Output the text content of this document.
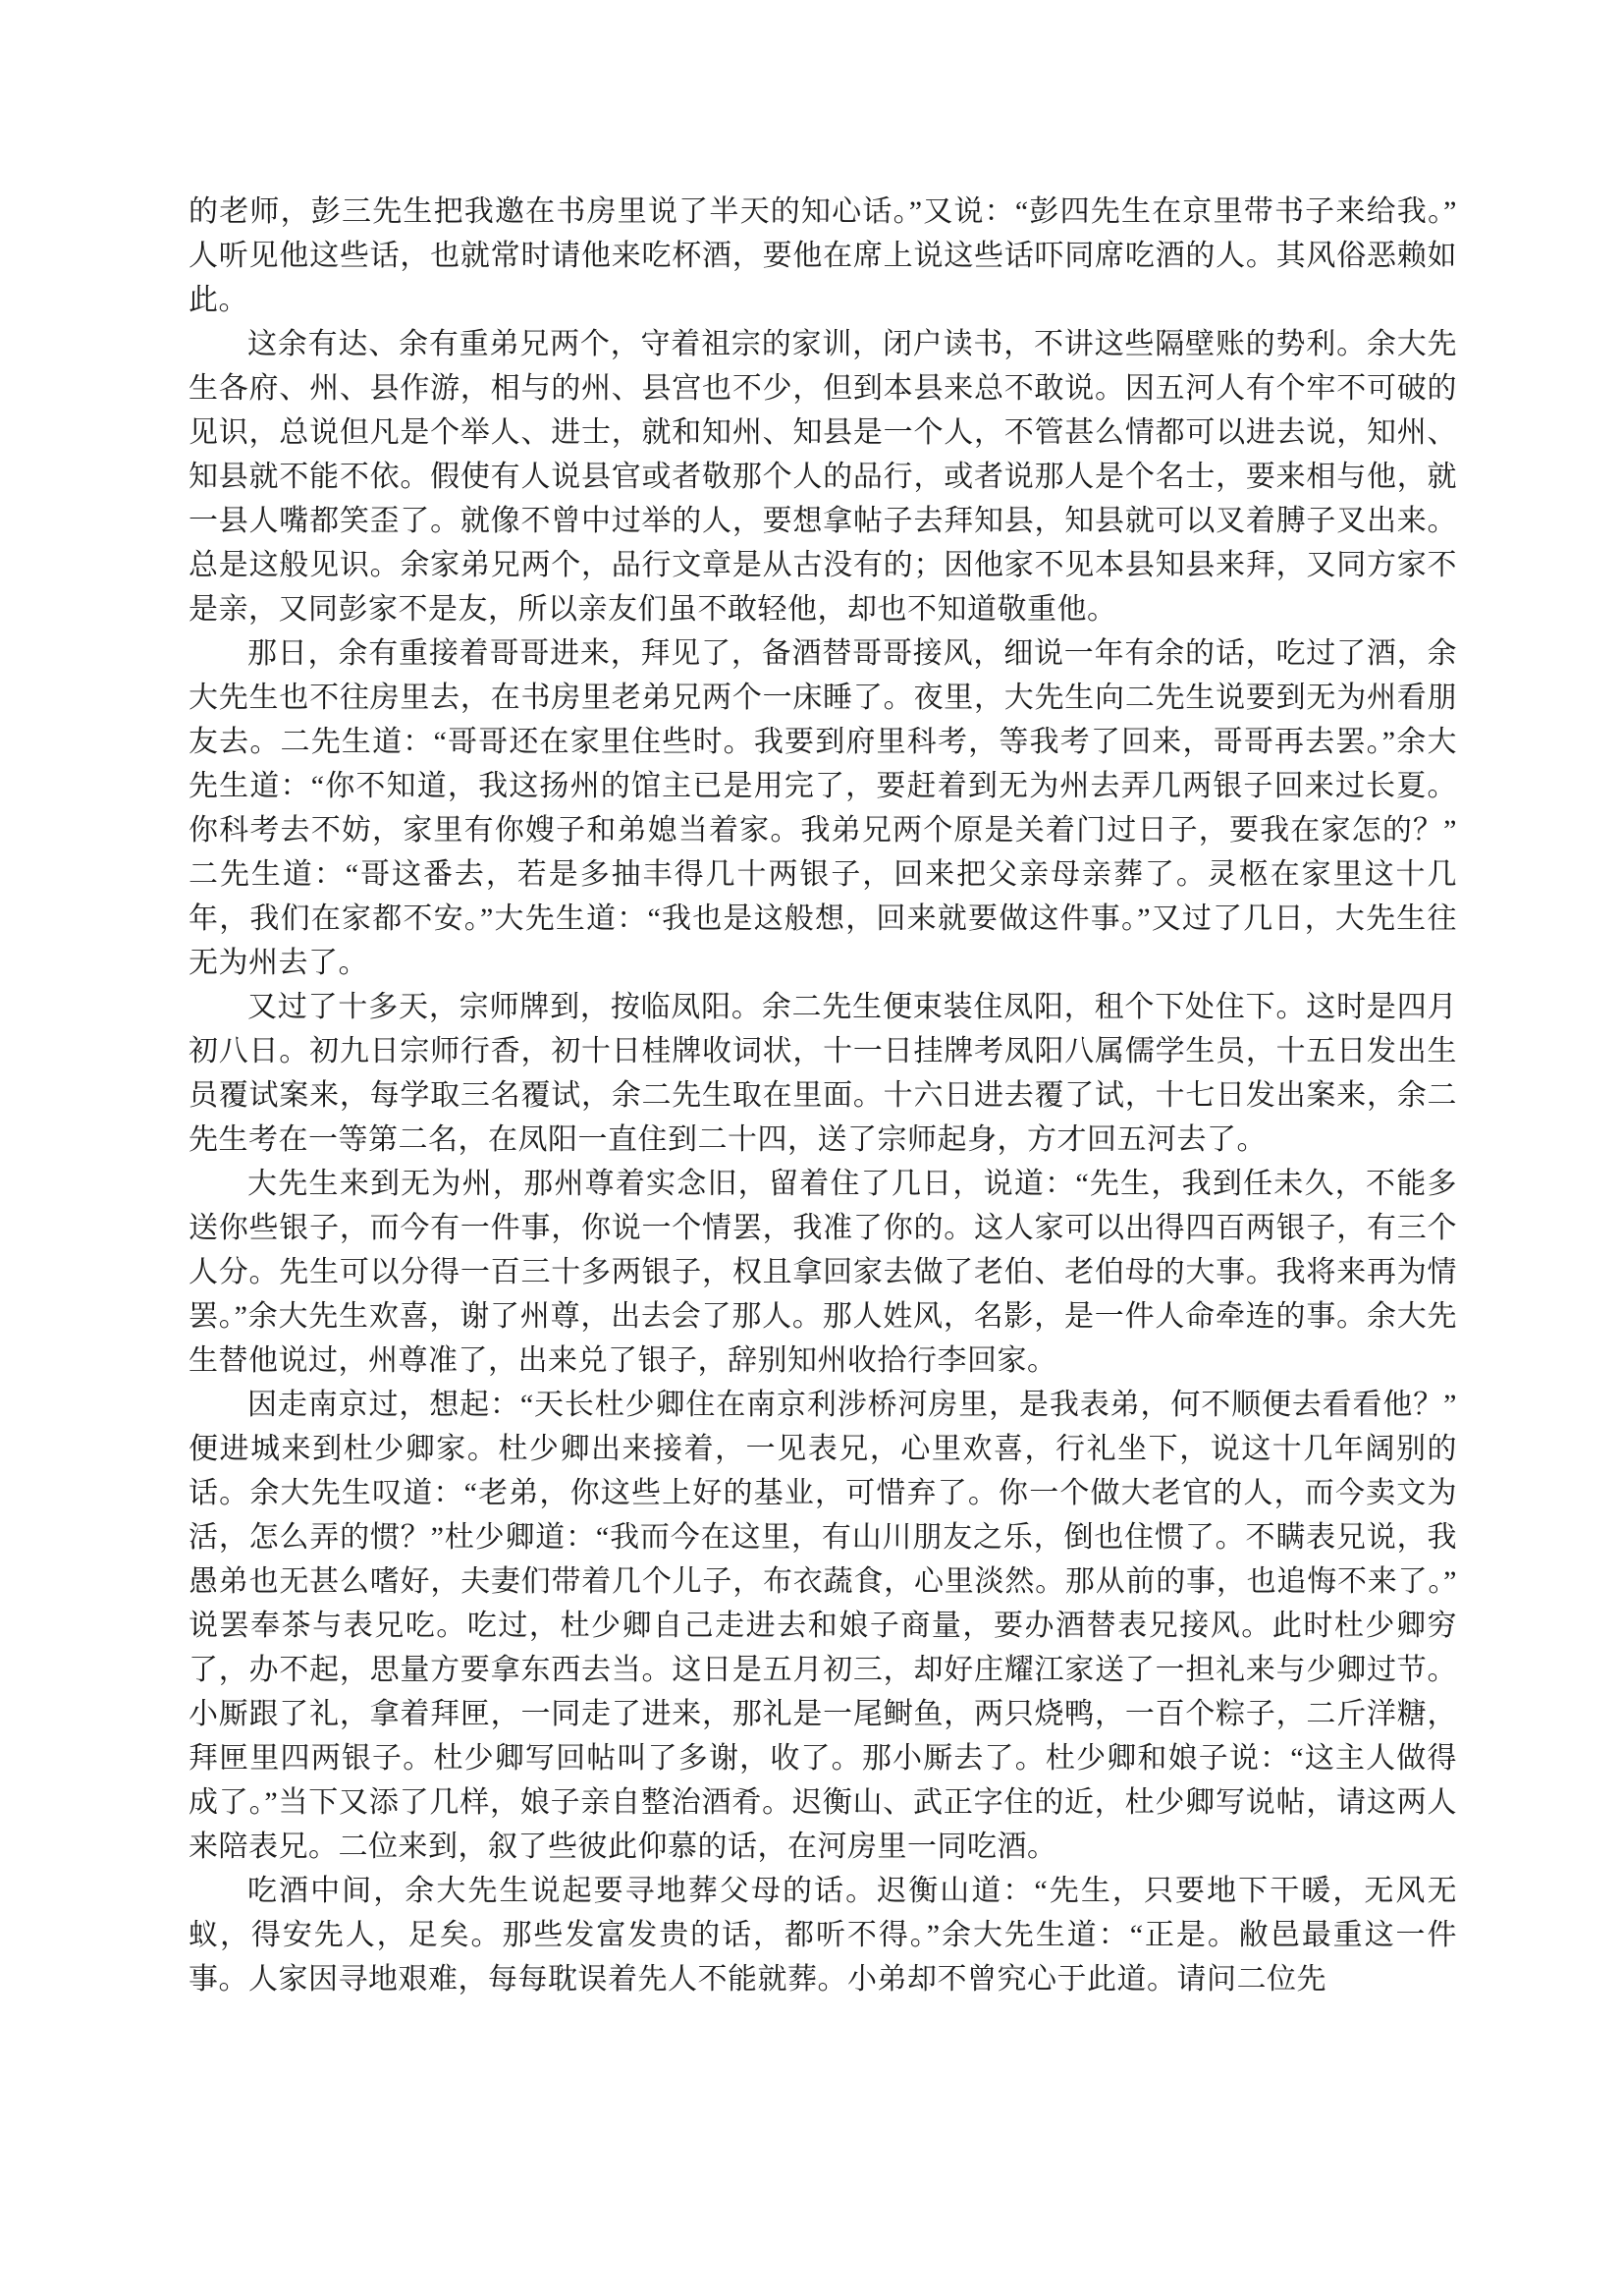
的老师，彭三先生把我邀在书房里说了半天的知心话。”又说：“彭四先生在京里带书子来给我。”人听见他这些话，也就常时请他来吃杯酒，要他在席上说这些话吓同席吃酒的人。其风俗恶赖如此。

这余有达、余有重弟兄两个，守着祖宗的家训，闭户读书，不讲这些隔壁账的势利。余大先生各府、州、县作游，相与的州、县宫也不少，但到本县来总不敢说。因五河人有个牢不可破的见识，总说但凡是个举人、进士，就和知州、知县是一个人，不管甚么情都可以进去说，知州、知县就不能不依。假使有人说县官或者敬那个人的品行，或者说那人是个名士，要来相与他，就一县人嘴都笑歪了。就像不曾中过举的人，要想拿帖子去拜知县，知县就可以叉着膊子叉出来。总是这般见识。余家弟兄两个，品行文章是从古没有的；因他家不见本县知县来拜，又同方家不是亲，又同彭家不是友，所以亲友们虽不敢轻他，却也不知道敬重他。

那日，余有重接着哥哥进来，拜见了，备酒替哥哥接风，细说一年有余的话，吃过了酒，余大先生也不往房里去，在书房里老弟兄两个一床睡了。夜里，大先生向二先生说要到无为州看朋友去。二先生道：“哥哥还在家里住些时。我要到府里科考，等我考了回来，哥哥再去罢。”余大先生道：“你不知道，我这扬州的馆主已是用完了，要赶着到无为州去弄几两银子回来过长夏。你科考去不妨，家里有你嫂子和弟媳当着家。我弟兄两个原是关着门过日子，要我在家怎的？”二先生道：“哥这番去，若是多抽丰得几十两银子，回来把父亲母亲葬了。灵柩在家里这十几年，我们在家都不安。”大先生道：“我也是这般想，回来就要做这件事。”又过了几日，大先生往无为州去了。

又过了十多天，宗师牌到，按临凤阳。余二先生便束装住凤阳，租个下处住下。这时是四月初八日。初九日宗师行香，初十日桂牌收词状，十一日挂牌考凤阳八属儒学生员，十五日发出生员覆试案来，每学取三名覆试，余二先生取在里面。十六日进去覆了试，十七日发出案来，余二先生考在一等第二名，在凤阳一直住到二十四，送了宗师起身，方才回五河去了。

大先生来到无为州，那州尊着实念旧，留着住了几日，说道：“先生，我到任未久，不能多送你些银子，而今有一件事，你说一个情罢，我准了你的。这人家可以出得四百两银子，有三个人分。先生可以分得一百三十多两银子，权且拿回家去做了老伯、老伯母的大事。我将来再为情罢。”余大先生欢喜，谢了州尊，出去会了那人。那人姓风，名影，是一件人命牵连的事。余大先生替他说过，州尊准了，出来兑了银子，辞别知州收拾行李回家。

因走南京过，想起：“天长杜少卿住在南京利涉桥河房里，是我表弟，何不顺便去看看他？”便进城来到杜少卿家。杜少卿出来接着，一见表兄，心里欢喜，行礼坐下，说这十几年阔别的话。余大先生叹道：“老弟，你这些上好的基业，可惜弃了。你一个做大老官的人，而今卖文为活，怎么弄的惯？”杜少卿道：“我而今在这里，有山川朋友之乐，倒也住惯了。不瞒表兄说，我愚弟也无甚么嗜好，夫妻们带着几个儿子，布衣蔬食，心里淡然。那从前的事，也追悔不来了。”说罢奉茶与表兄吃。吃过，杜少卿自己走进去和娘子商量，要办酒替表兄接风。此时杜少卿穷了，办不起，思量方要拿东西去当。这日是五月初三，却好庄耀江家送了一担礼来与少卿过节。小厮跟了礼，拿着拜匣，一同走了进来，那礼是一尾鲥鱼，两只烧鸭，一百个粽子，二斤洋糖，拜匣里四两银子。杜少卿写回帖叫了多谢，收了。那小厮去了。杜少卿和娘子说：“这主人做得成了。”当下又添了几样，娘子亲自整治酒肴。迟衡山、武正字住的近，杜少卿写说帖，请这两人来陪表兄。二位来到，叙了些彼此仰慕的话，在河房里一同吃酒。

吃酒中间，余大先生说起要寻地葬父母的话。迟衡山道：“先生，只要地下干暖，无风无蚁，得安先人，足矣。那些发富发贵的话，都听不得。”余大先生道：“正是。敝邑最重这一件事。人家因寻地艰难，每每耽误着先人不能就葬。小弟却不曾究心于此道。请问二位先
